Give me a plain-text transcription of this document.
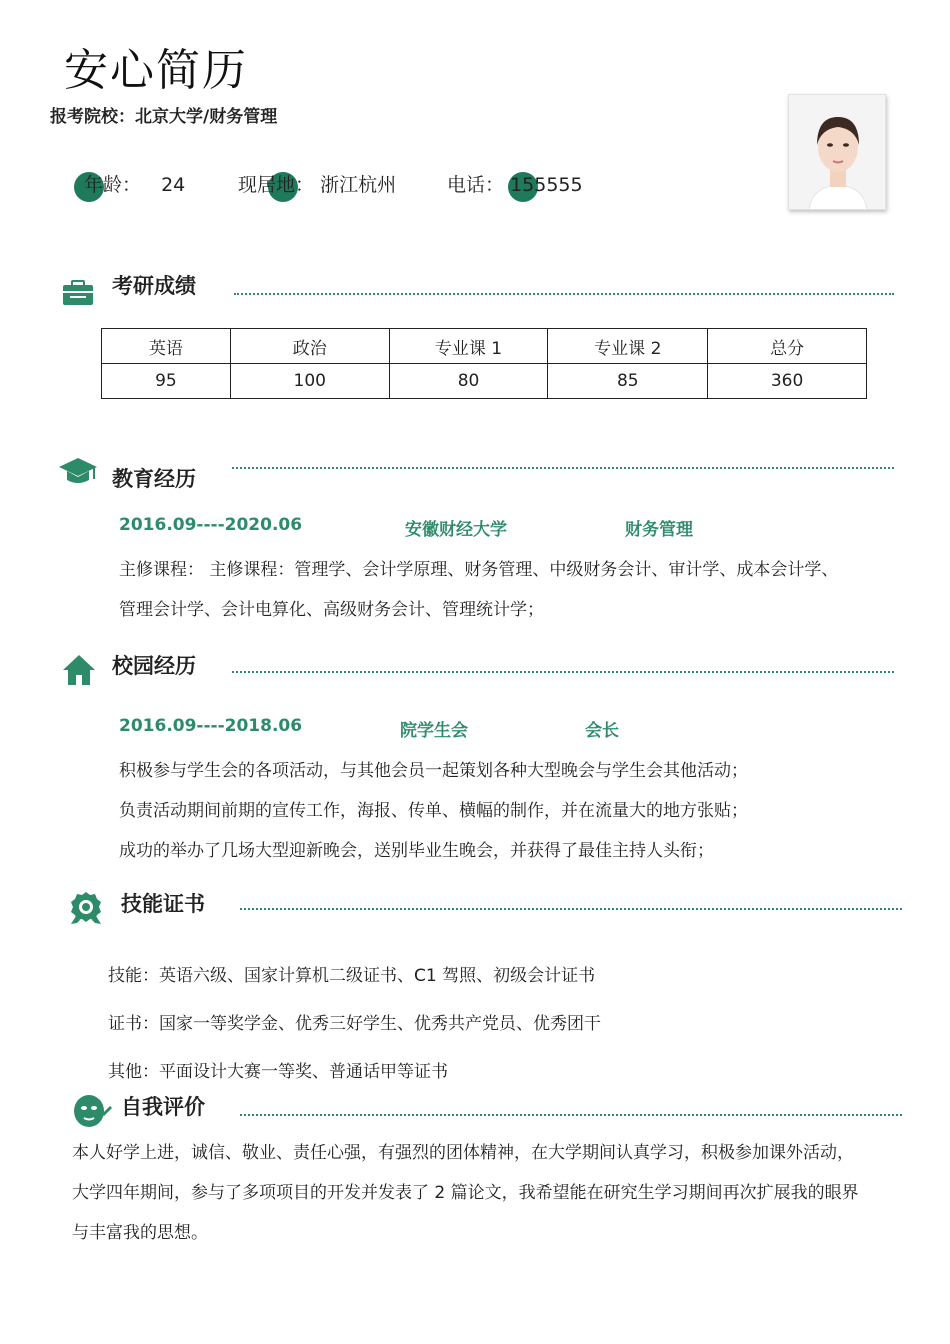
安心简历
报考院校：北京大学/财务管理
年龄： 24	现居地： 浙江杭州	电话： 155555
考研成绩
英语	政治	专业课 1	专业课 2	总分
95	100	80	85	360
教育经历
2016.09----2020.06	安徽财经大学	财务管理
主修课程： 主修课程：管理学、会计学原理、财务管理、中级财务会计、审计学、成本会计学、
管理会计学、会计电算化、高级财务会计、管理统计学；
校园经历
2016.09----2018.06	院学生会	会长
积极参与学生会的各项活动，与其他会员一起策划各种大型晚会与学生会其他活动；
负责活动期间前期的宣传工作，海报、传单、横幅的制作，并在流量大的地方张贴；
成功的举办了几场大型迎新晚会，送别毕业生晚会，并获得了最佳主持人头衔；
技能证书
技能：英语六级、国家计算机二级证书、C1 驾照、初级会计证书
证书：国家一等奖学金、优秀三好学生、优秀共产党员、优秀团干
其他：平面设计大赛一等奖、普通话甲等证书
自我评价
本人好学上进，诚信、敬业、责任心强，有强烈的团体精神，在大学期间认真学习，积极参加课外活动，
大学四年期间，参与了多项项目的开发并发表了 2 篇论文，我希望能在研究生学习期间再次扩展我的眼界
与丰富我的思想。
